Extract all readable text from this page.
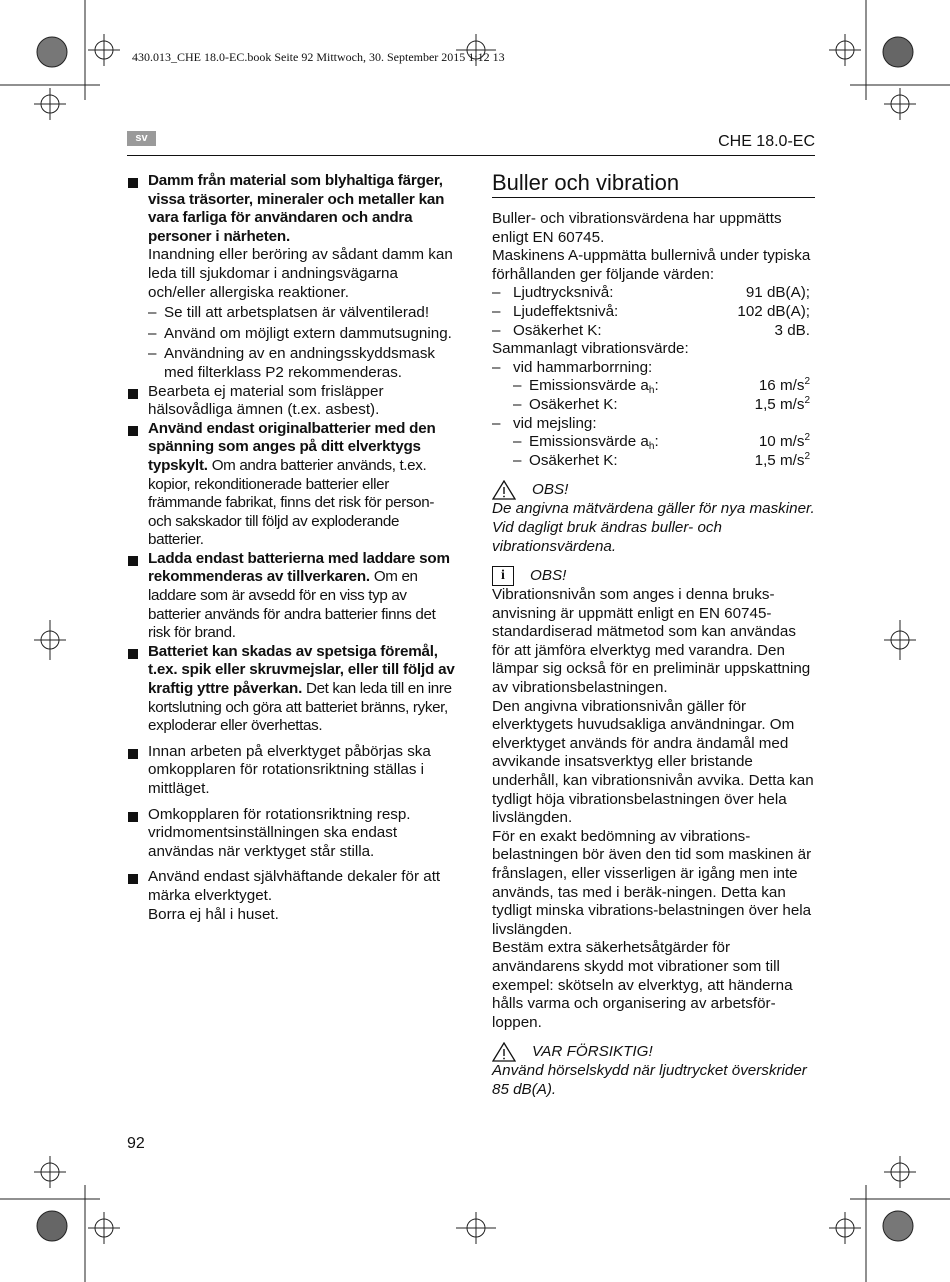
430.013_CHE 18.0-EC.book Seite 92 Mittwoch, 30. September 2015 1:12 13
sv	CHE 18.0-EC
Damm från material som blyhaltiga färger, vissa träsorter, mineraler och metaller kan vara farliga för användaren och andra personer i närheten.
Inandning eller beröring av sådant damm kan leda till sjukdomar i andningsvägarna och/eller allergiska reaktioner.
– Se till att arbetsplatsen är välventilerad!
– Använd om möjligt extern dammutsugning.
– Användning av en andningsskyddsmask med filterklass P2 rekommenderas.
Bearbeta ej material som frisläpper hälsovådliga ämnen (t.ex. asbest).
Använd endast originalbatterier med den spänning som anges på ditt elverktygs typskylt. Om andra batterier används, t.ex. kopior, rekonditionerade batterier eller främmande fabrikat, finns det risk för person- och sakskador till följd av exploderande batterier.
Ladda endast batterierna med laddare som rekommenderas av tillverkaren. Om en laddare som är avsedd för en viss typ av batterier används för andra batterier finns det risk för brand.
Batteriet kan skadas av spetsiga föremål, t.ex. spik eller skruvmejslar, eller till följd av kraftig yttre påverkan. Det kan leda till en inre kortslutning och göra att batteriet bränns, ryker, exploderar eller överhettas.
Innan arbeten på elverktyget påbörjas ska omkopplaren för rotationsriktning ställas i mittläget.
Omkopplaren för rotationsriktning resp. vridmomentsinställningen ska endast användas när verktyget står stilla.
Använd endast självhäftande dekaler för att märka elverktyget.
Borra ej hål i huset.
Buller och vibration
Buller- och vibrationsvärdena har uppmätts enligt EN 60745.
Maskinens A-uppmätta bullernivå under typiska förhållanden ger följande värden:
– Ljudtrycksnivå:	91 dB(A);
– Ljudeffektsnivå:	102 dB(A);
– Osäkerhet K:	3 dB.
Sammanlagt vibrationsvärde:
– vid hammarborrning:
– Emissionsvärde $a_h$:	16 $m/s^2$
– Osäkerhet K:	1,5 $m/s^2$
– vid mejsling:
– Emissionsvärde $a_h$:	10 $m/s^2$
– Osäkerhet K:	1,5 $m/s^2$
OBS!
De angivna mätvärdena gäller för nya maskiner. Vid dagligt bruk ändras buller- och vibrationsvärdena.
i	OBS!
Vibrationsnivån som anges i denna bruks-anvisning är uppmätt enligt en EN 60745-standardiserad mätmetod som kan användas för att jämföra elverktyg med varandra. Den lämpar sig också för en preliminär uppskattning av vibrationsbelastningen.
Den angivna vibrationsnivån gäller för elverktygets huvudsakliga användningar. Om elverktyget används för andra ändamål med avvikande insatsverktyg eller bristande underhåll, kan vibrationsnivån avvika. Detta kan tydligt höja vibrationsbelastningen över hela livslängden.
För en exakt bedömning av vibrations-belastningen bör även den tid som maskinen är frånslagen, eller visserligen är igång men inte används, tas med i beräk-ningen. Detta kan tydligt minska vibrations-belastningen över hela livslängden.
Bestäm extra säkerhetsåtgärder för användarens skydd mot vibrationer som till exempel: skötseln av elverktyg, att händerna hålls varma och organisering av arbetsför-loppen.
VAR FÖRSIKTIG!
Använd hörselskydd när ljudtrycket överskrider 85 dB(A).
92
